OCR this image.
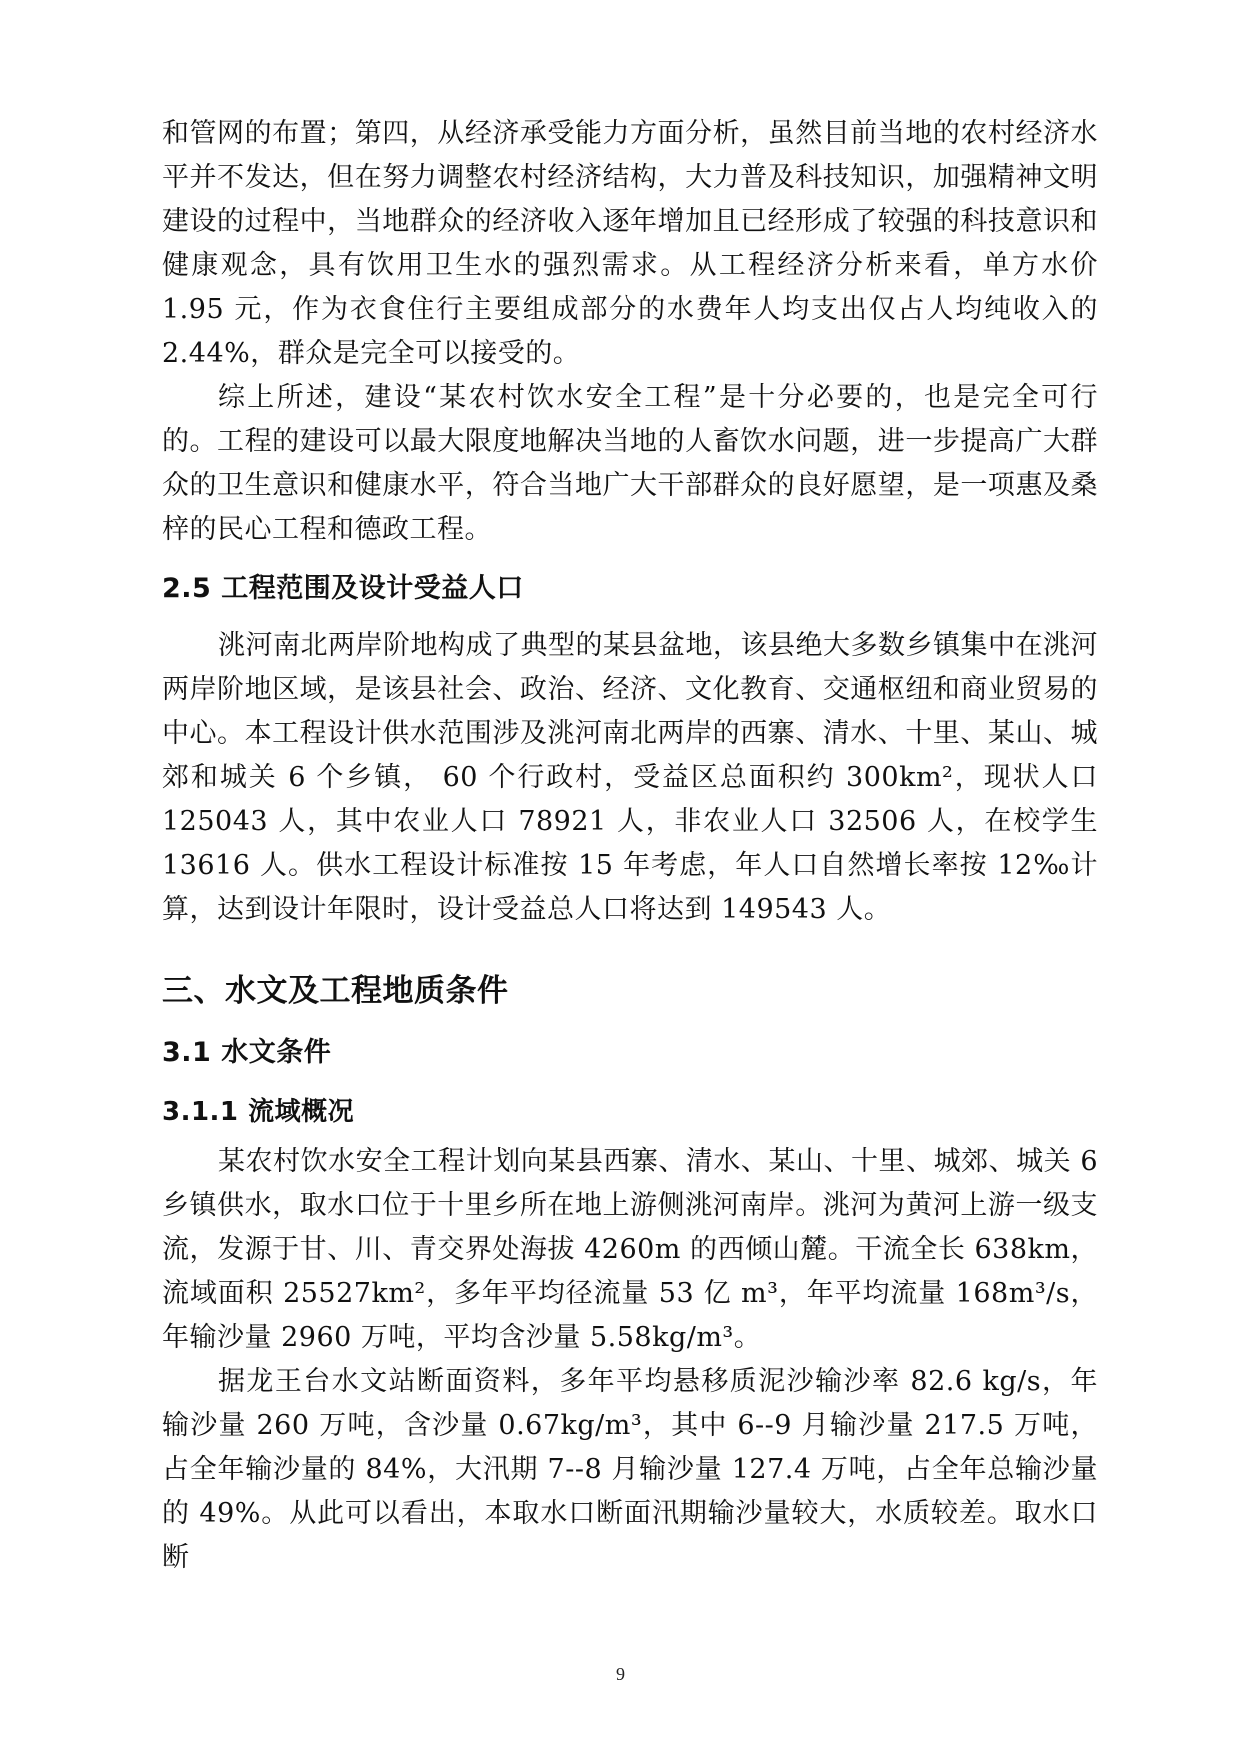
和管网的布置；第四，从经济承受能力方面分析，虽然目前当地的农村经济水平并不发达，但在努力调整农村经济结构，大力普及科技知识，加强精神文明建设的过程中，当地群众的经济收入逐年增加且已经形成了较强的科技意识和健康观念，具有饮用卫生水的强烈需求。从工程经济分析来看，单方水价 1.95 元，作为衣食住行主要组成部分的水费年人均支出仅占人均纯收入的 2.44%，群众是完全可以接受的。

综上所述，建设“某农村饮水安全工程”是十分必要的，也是完全可行的。工程的建设可以最大限度地解决当地的人畜饮水问题，进一步提高广大群众的卫生意识和健康水平，符合当地广大干部群众的良好愿望，是一项惠及桑梓的民心工程和德政工程。

2.5 工程范围及设计受益人口

洮河南北两岸阶地构成了典型的某县盆地，该县绝大多数乡镇集中在洮河两岸阶地区域，是该县社会、政治、经济、文化教育、交通枢纽和商业贸易的中心。本工程设计供水范围涉及洮河南北两岸的西寨、清水、十里、某山、城郊和城关 6 个乡镇， 60 个行政村，受益区总面积约 300km²，现状人口 125043 人，其中农业人口 78921 人，非农业人口 32506 人，在校学生 13616 人。供水工程设计标准按 15 年考虑，年人口自然增长率按 12‰计算，达到设计年限时，设计受益总人口将达到 149543 人。

三、水文及工程地质条件
3.1 水文条件
3.1.1 流域概况

某农村饮水安全工程计划向某县西寨、清水、某山、十里、城郊、城关 6 乡镇供水，取水口位于十里乡所在地上游侧洮河南岸。洮河为黄河上游一级支流，发源于甘、川、青交界处海拔 4260m 的西倾山麓。干流全长 638km，流域面积 25527km²，多年平均径流量 53 亿 m³，年平均流量 168m³/s，年输沙量 2960 万吨，平均含沙量 5.58kg/m³。

据龙王台水文站断面资料，多年平均悬移质泥沙输沙率 82.6 kg/s，年输沙量 260 万吨，含沙量 0.67kg/m³，其中 6--9 月输沙量 217.5 万吨，占全年输沙量的 84%，大汛期 7--8 月输沙量 127.4 万吨，占全年总输沙量的 49%。从此可以看出，本取水口断面汛期输沙量较大，水质较差。取水口断

9
